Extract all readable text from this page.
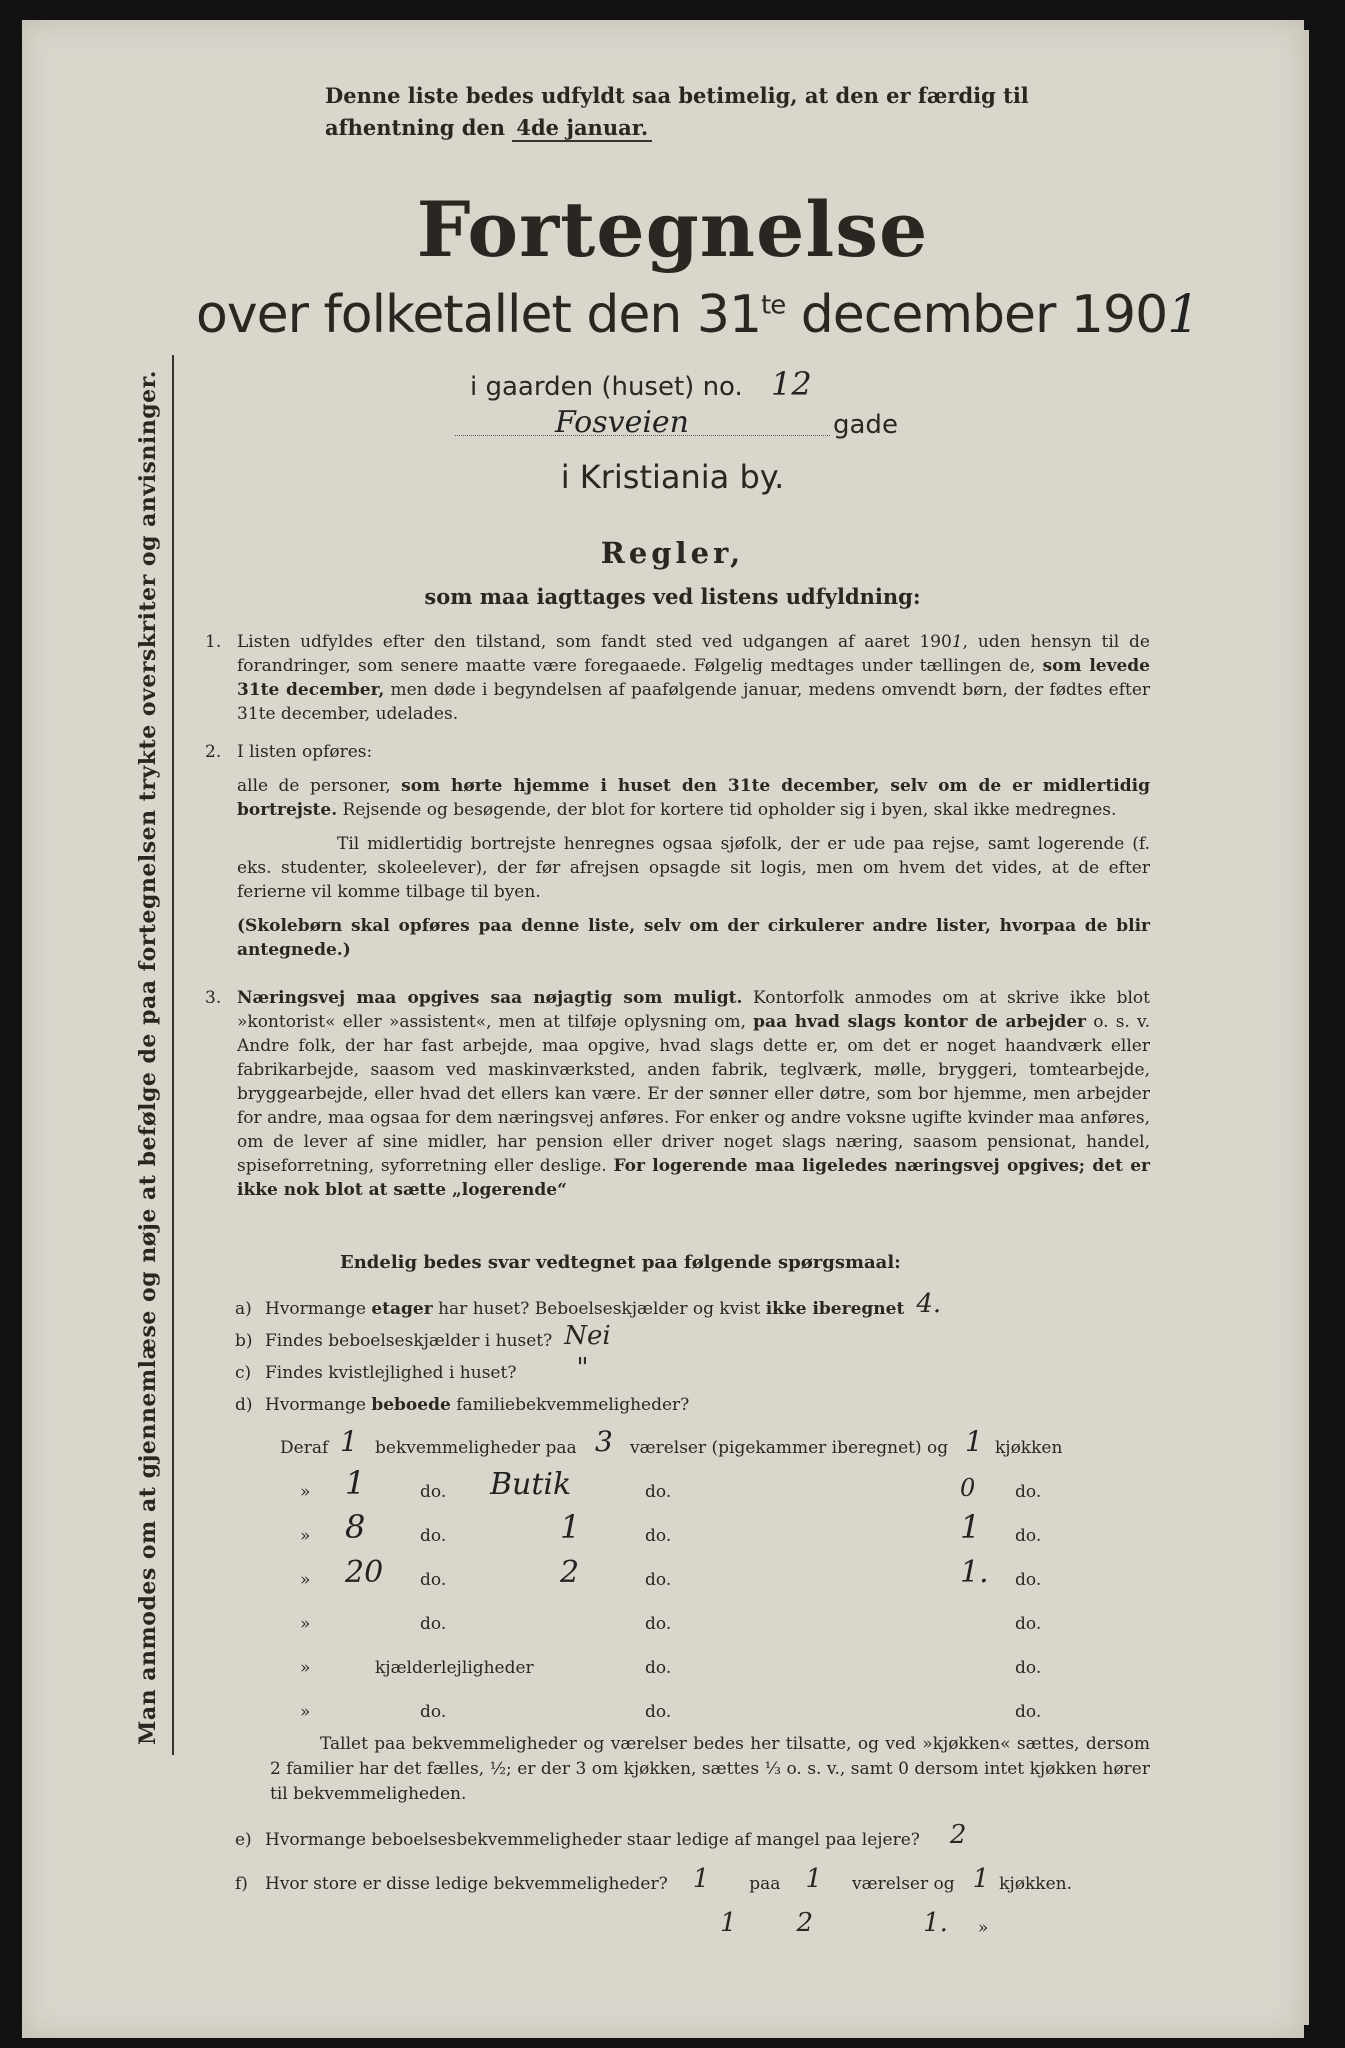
Denne liste bedes udfyldt saa betimelig, at den er færdig til
afhentning den 4de januar.
Fortegnelse
over folketallet den $31^{te}$ december 1901
i gaarden (huset) no. 12
Fosveien	gade
i Kristiania by.
Regler,
som maa iagttages ved listens udfyldning:
1. Listen udfyldes efter den tilstand, som fandt sted ved udgangen af aaret 1901, uden hensyn til de forandringer, som senere maatte være foregaaede. Følgelig medtages under tællingen de, som levede 31te december, men døde i begyndelsen af paafølgende januar, medens omvendt børn, der fødtes efter 31te december, udelades.
2. I listen opføres:

alle de personer, som hørte hjemme i huset den 31te december, selv om de er midlertidig bortrejste. Rejsende og besøgende, der blot for kortere tid opholder sig i byen, skal ikke medregnes.

Til midlertidig bortrejste henregnes ogsaa sjøfolk, der er ude paa rejse, samt logerende (f. eks. studenter, skoleelever), der før afrejsen opsagde sit logis, men om hvem det vides, at de efter ferierne vil komme tilbage til byen.

(Skolebørn skal opføres paa denne liste, selv om der cirkulerer andre lister, hvorpaa de blir antegnede.)

3. Næringsvej maa opgives saa nøjagtig som muligt. Kontorfolk anmodes om at skrive ikke blot »kontorist« eller »assistent«, men at tilføje oplysning om, paa hvad slags kontor de arbejder o. s. v. Andre folk, der har fast arbejde, maa opgive, hvad slags dette er, om det er noget haandværk eller fabrikarbejde, saasom ved maskinværksted, anden fabrik, teglværk, mølle, bryggeri, tomtearbejde, bryggearbejde, eller hvad det ellers kan være. Er der sønner eller døtre, som bor hjemme, men arbejder for andre, maa ogsaa for dem næringsvej anføres. For enker og andre voksne ugifte kvinder maa anføres, om de lever af sine midler, har pension eller driver noget slags næring, saasom pensionat, handel, spiseforretning, syforretning eller deslige. For logerende maa ligeledes næringsvej opgives; det er ikke nok blot at sætte „logerende“
Endelig bedes svar vedtegnet paa følgende spørgsmaal:
a) Hvormange
etager
har huset? Beboelseskjælder og kvist
ikke iberegnet 4.
b) Findes beboelseskjælder i huset? Nei
c) Findes kvistlejlighed i huset? "
d) Hvormange
beboede
familiebekvemmeligheder?
Deraf 1 bekvemmeligheder paa 3 værelser (pigekammer iberegnet) og 1 kjøkken
» 1	do. Butik	do.	0 do.
» 8	do.	1	do.	1 do.
» 20 do.	2	do.	1. do.
»	do.	do.	do.
»	kjælderlejligheder	do.	do.
»	do.	do.	do.
Tallet paa bekvemmeligheder og værelser bedes her tilsatte, og ved »kjøkken« sættes, dersom 2 familier har det fælles, ½; er der 3 om kjøkken, sættes ⅓ o. s. v., samt 0 dersom intet kjøkken hører til bekvemmeligheden.
e) Hvormange beboelsesbekvemmeligheder staar ledige af mangel paa lejere? 2
f)	Hvor store er disse ledige bekvemmeligheder? 1 paa 1 værelser og 1 kjøkken.
1 2	1. »
Man anmodes om at gjennemlæse og nøje at befølge de paa fortegnelsen trykte overskriter og anvisninger.
